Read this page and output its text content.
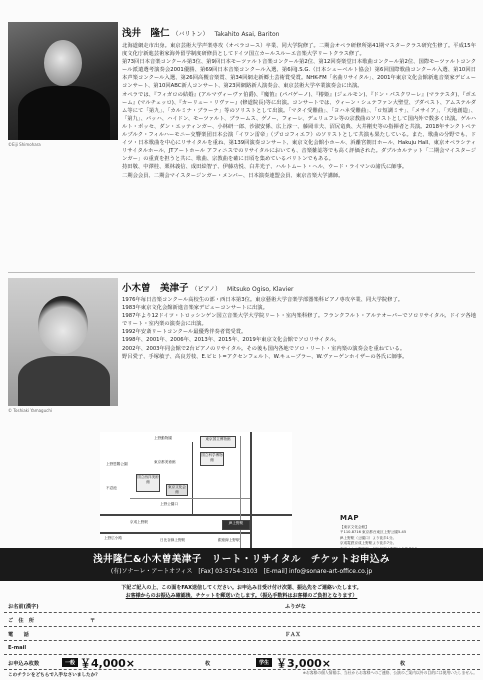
©Eiji Shimohara
浅井　隆仁 （バリトン） Takahito Asai, Bariton

北海道網走市出身。東京芸術大学声楽専攻（オペラコース）卒業、同大学院修了。二期会オペラ研修所第41期マスタークラス研究生修了。平成15年度文化庁新進芸術家海外留学制度研修員としてドイツ国立カールスルーエ音楽大学リートクラス修了。

第73回日本音楽コンクール第3位、第9回日本モーツァルト音楽コンクール第2位、第12回奏楽堂日本歌曲コンクール第2位、国際モーツァルトコンクール派遣選考演奏会2001優勝、第69回日本音楽コンクール入選、第6回J.S.G.（日本シューベルト協会）第6回国際歌曲コンクール入選、第10回日本声楽コンクール入選、第26回高槻音楽賞、第34回網走新郷土芸術賞受賞。NHK-FM「名曲リサイタル」、2001年東京文化会館新進音楽家デビューコンサート、第10回ABC新人コンサート、第23回網路新人演奏会、東京芸術大学卒業演奏会に出演。

オペラでは、『フィガロの結婚』(アルマヴィーヴァ伯爵)、『魔笛』(パパゲーノ)、『椿姫』(ジェルモン)、『ドン・パスクワーレ』(マラテスタ)、『ボエーム』(マルチェッロ)、『カーリュー・リヴァー』(修道院長)等に出演。コンサートでは、ウィーン・シュテファン大聖堂、ブダペスト、アムステルダム等にて「第九」、「カルミナ・ブラーナ」等のソリストとして出演。「マタイ受難曲」、「ヨハネ受難曲」、「ロ短調ミサ」、「メサイア」、「天地創造」、「第九」、バッハ、ハイドン、モーツァルト、ブラームス、ゲノー、フォーレ、デュリュフレ等の宗教曲のソリストとして国内外で数多く出演。ゲルハルト・ボッセ、ダン・エッティンガー、小林研一郎、沙淑安係、広上淳一、藤岡幸夫、沼尻竜典、大井剛史等の指揮者と共演。2018年サンクトペテルブルク・フィルハーモニー交響楽団日本公演「イワン雷帝」（プロコフィエフ）のソリストとして共演も果たしている。また、歌曲の分野でも、ドイツ・日本歌曲を中心にリサイタルを重ね、第139回演奏コンサート、東京文化会館小ホール、浜離宮朝日ホール、Hakuju Hall、東京オペラシティリサイタルホール、JTアートホール アフィニスでのリサイタルにおいても、音楽雑誌等でも高く評価された。ダブルカルテット「二期会マイスタージンガー」の重責を担うと共に、歌曲、宗教曲を確に日頃を集めているバリトンでもある。

持田敬、中澤桂、栗林義信、成田絵智子、伊藤功悦、白井光子、ハルトムート・ヘル、ウード・ライマンの諸氏に師事。

二期会会員、二期会マイスタージンガー・メンバー、日本演奏連盟会員、東京音楽大学講師。

© Toshiaki Yamaguchi
小木曽　美津子 （ピアノ） Mitsuko Ogiso, Klavier

1976年毎日音楽コンクール高校生の部・西日本第3位。東京藝術大学音楽学部器楽科ピアノ専攻卒業、同大学院修了。

1983年東京文化会館新進音楽家デビューコンサートに出演。

1987年より12ドイツ・トロッシンゲン国立音楽大学大学院リート・室内楽科修了。フランクフルト・アルテオーパーでソロリサイタル。ドイツ各地でリート・室内楽の演奏会に出演。

1992年安斎リートコンクール最優秀伴奏者賞受賞。

1998年、2001年、2006年、2013年、2015年、2019年東京文化会館でソロリサイタル。

2002年、2003年同会館で2台ピアノのリサイタル。その後も国内各地でソロ・リート・室内楽の演奏会を重ねている。

野呂愛子、手塚敏子、高良芳枝、E.ピヒト=アクセンフェルト、W.キューブラー、W.ヴァーゲンホイザーの各氏に師事。

国立西洋美術館
東京文化会館
国立科学博物館
東京国立博物館
JR上野駅
上野動物園
上野公園口
京成上野駅
上野広小路	日比谷線上野駅	銀座線上野駅
上野恩賜公園
不忍池
東京都美術館
MAP
【東京文化会館】
〒110-8716 東京都台東区上野公園5-45
JR上野駅（公園口）より徒歩1分。
京成電鉄京成上野駅より徒歩7分。
浅井隆仁&小木曽美津子　リート・リサイタル　チケットお申込み
(有)ソナーレ・アートオフィス　[Fax] 03-5754-3103　[E-mail] info@sonare-art-office.co.jp
下記ご記入の上、この面をFAX送信してください。お申込み日受け付け次第、振込先をご連絡いたします。
お客様からのお振込み確認後、チケットを郵送いたします。（振込手数料はお客様のご負担となります）
お名前(漢字)	ふりがな
ご　住　所	〒
電　　話	ＦＡＸ
E-mail
お申込み枚数	一般 ￥4,000×	枚	学生 ￥3,000×	枚
このチラシをどちらで入手なさいましたか？
※お客様の個人情報は、当社からお客様へのご連絡、公演のご案内以外の目的には使用いたしません。
